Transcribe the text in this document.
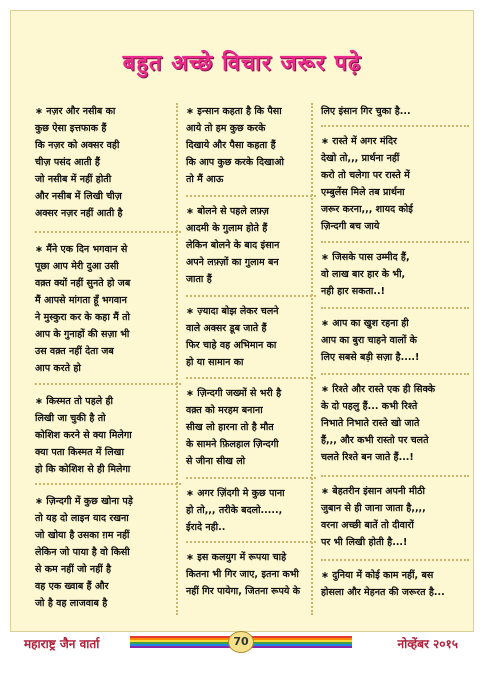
बहुत अच्छे विचार जरूर पढ़े
∗ नज़र और नसीब का
कुछ ऐसा इत्तफाक हैं
कि नज़र को अक्सर वही
चीज़ पसंद आती हैं
जो नसीब में नहीं होती
और नसीब में लिखी चीज़
अक्सर नज़र नहीं आती है
∗ मैंने एक दिन भगवान से
पूछा आप मेरी दुआ उसी
वक़्त क्यों नहीं सुनते हो जब
मैं आपसे मांगता हूँ भगवान
ने मुस्कुरा कर के कहा मैं तो
आप के गुनाहों की सज़ा भी
उस वक़्त नहीं देता जब
आप करते हो
∗ किस्मत तो पहले ही
लिखी जा चुकी है तो
कोशिश करने से क्या मिलेगा
क्या पता किस्मत में लिखा
हो कि कोशिश से ही मिलेगा
∗ ज़िन्दगी में कुछ खोना पड़े
तो यह दो लाइन याद रखना
जो खोया है उसका ग़म नहीं
लेकिन जो पाया है वो किसी
से कम नहीं जो नहीं है
वह एक ख्वाब हैं और
जो है वह लाजवाब है
∗ इन्सान कहता है कि पैसा
आये तो हम कुछ करके
दिखाये और पैसा कहता हैं
कि आप कुछ करके दिखाओ
तो मैं आऊ
∗ बोलने से पहले लफ़्ज़
आदमी के गुलाम होते हैं
लेकिन बोलने के बाद इंसान
अपने लफ़्ज़ों का गुलाम बन
जाता हैं
∗ ज़्यादा बोझ लेकर चलने
वाले अक्सर डूब जाते हैं
फिर चाहे वह अभिमान का
हो या सामान का
∗ ज़िन्दगी जख्मों से भरी है
वक़्त को मरहम बनाना
सीख लो हारना तो है मौत
के सामने फ़िलहाल ज़िन्दगी
से जीना सीख लो
∗ अगर ज़िंदगी मे कुछ पाना
हो तो,,, तरीके बदलो.....,
ईरादे नही..
∗ इस कलयुग में रूपया चाहे
कितना भी गिर जाए, इतना कभी
नहीं गिर पायेगा, जितना रूपये के
लिए इंसान गिर चुका है...
∗ रास्ते में अगर मंदिर
देखो तो,,, प्रार्थना नहीं
करो तो चलेगा पर रास्ते में
एम्बुलेंस मिले तब प्रार्थना
जरूर करना,,, शायद कोई
ज़िन्दगी बच जाये
∗ जिसके पास उम्मीद हैं,
वो लाख बार हार के भी,
नही हार सकता..!
∗ आप का खुश रहना ही
आप का बुरा चाहने वालों के
लिए सबसे बड़ी सज़ा है....!
∗ रिश्ते और रास्ते एक ही सिक्के
के दो पहलु हैं... कभी रिश्ते
निभाते निभाते रास्ते खो जाते
हैं,,, और कभी रास्तो पर चलते
चलते रिश्ते बन जाते हैं...!
∗ बेहतरीन इंसान अपनी मीठी
जुबान से ही जाना जाता है,,,,
वरना अच्छी बातें तो दीवारों
पर भी लिखी होती है...!
∗ दुनिया में कोई काम नहीं, बस
होसला और मेहनत की जरूरत है...
महाराष्ट्र जैन वार्ता	70	नोव्हेंबर २०१५
